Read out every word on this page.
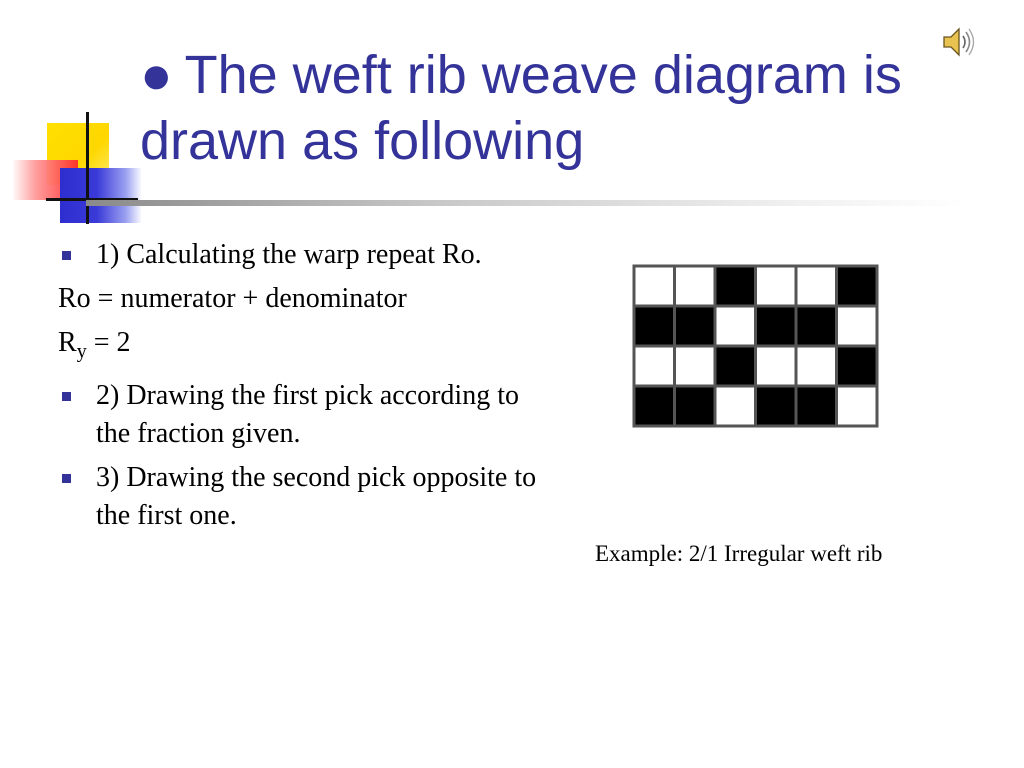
● The weft rib weave diagram is drawn as following
1) Calculating the warp repeat Ro.
Ro = numerator + denominator
$R_y = 2$
2) Drawing the first pick according to the fraction given.
3) Drawing the second pick opposite to the first one.
Example: 2/1 Irregular weft rib
